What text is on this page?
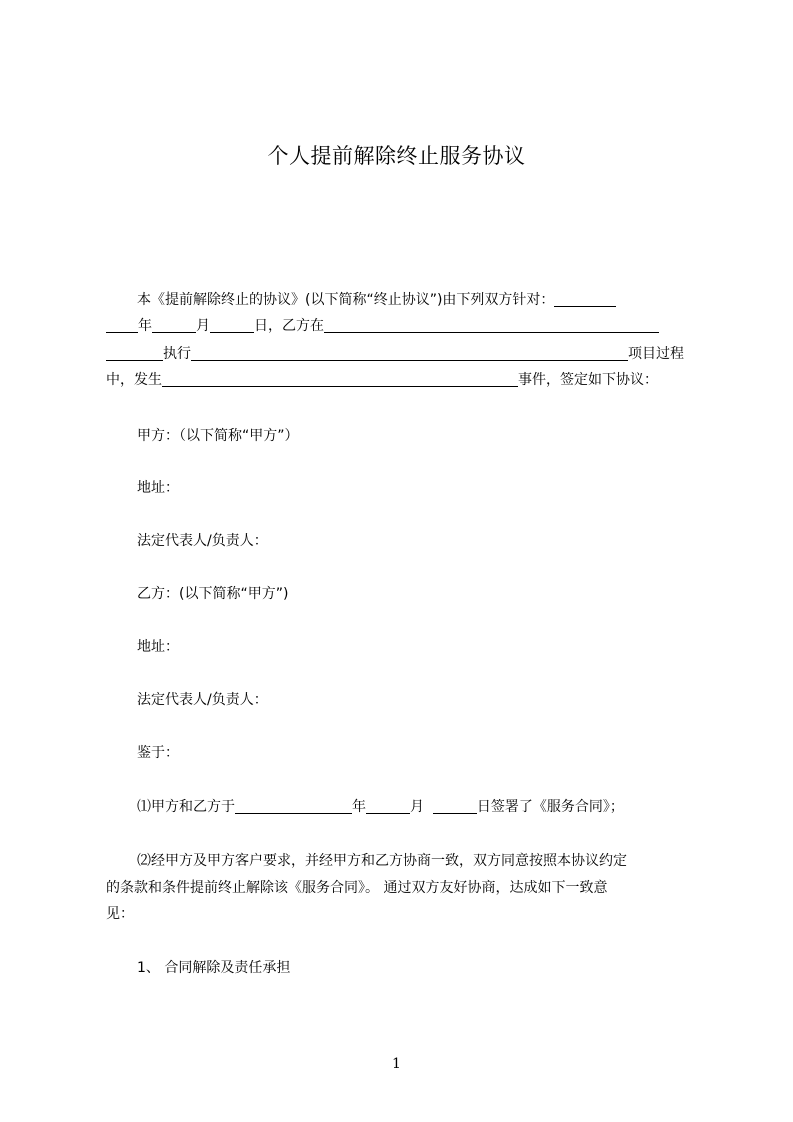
个人提前解除终止服务协议
本《提前解除终止的协议》(以下简称“终止协议”)由下列双方针对：
年	月	日，乙方在
执行	项目过程
中，发生	事件，签定如下协议：
甲方：（以下简称“甲方”）
地址：
法定代表人/负责人：
乙方：(以下简称“甲方”)
地址：
法定代表人/负责人：
鉴于：
⑴甲方和乙方于	年	月	日签署了《服务合同》；
⑵经甲方及甲方客户要求，并经甲方和乙方协商一致，双方同意按照本协议约定
的条款和条件提前终止解除该《服务合同》。 通过双方友好协商，达成如下一致意
见：
1、 合同解除及责任承担
1
